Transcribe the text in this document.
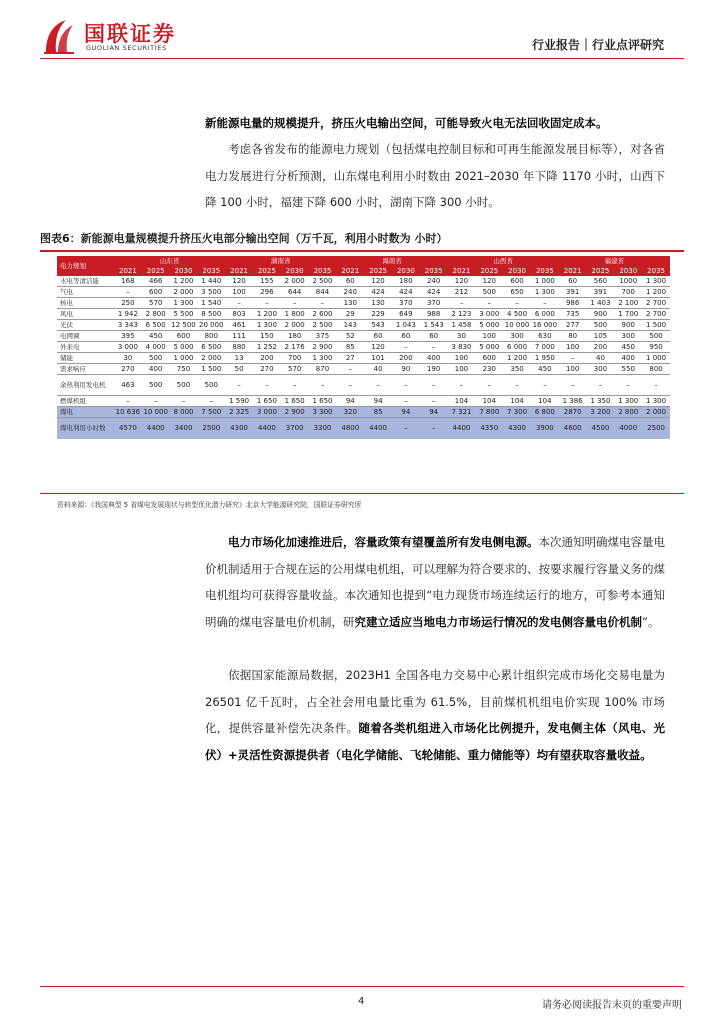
国联证券
GUOLIAN SECURITIES	行业报告｜行业点评研究
新能源电量的规模提升，挤压火电输出空间，可能导致火电无法回收固定成本。
考虑各省发布的能源电力规划（包括煤电控制目标和可再生能源发展目标等），对各省电力发展进行分析预测，山东煤电利用小时数由 2021–2030 年下降 1170 小时，山西下降 100 小时，福建下降 600 小时，湖南下降 300 小时。
图表6：新能源电量规模提升挤压火电部分输出空间（万千瓦，利用小时数为 小时）
电力规划	山东省				湖南省				海南省				山西省				福建省			
	2021	2025	2030	2035	2021	2025	2030	2035	2021	2025	2030	2035	2021	2025	2030	2035	2021	2025	2030	2035
水电等清洁能	168	466	1 200	1 440	120	155	2 000	2 500	60	120	180	240	120	120	600	1 000	60	560	1000	1 300
气电	–	600	2 000	3 500	100	296	644	844	240	424	424	424	212	500	650	1 300	391	391	700	1 200
核电	250	570	1 300	1 540	–	–	–	–	130	130	370	370	–	–	–	–	986	1 403	2 100	2 700
风电	1 942	2 800	5 500	8 500	803	1 200	1 800	2 600	29	229	649	988	2 123	3 000	4 500	6 000	735	900	1 700	2 700
光伏	3 343	6 500	12 500	20 000	461	1 300	2 000	2 500	143	543	1 043	1 543	1 458	5 000	10 000	16 000	277	500	900	1 500
电网调	395	450	600	800	111	150	180	375	52	60	60	60	30	100	300	630	80	105	300	500
外来电	3 000	4 000	5 000	6 500	880	1 252	2 176	2 900	85	120	–	–	3 830	5 000	6 000	7 000	100	200	450	950
储能	30	500	1 000	2 000	13	200	700	1 300	27	101	200	400	100	600	1 200	1 950	–	40	400	1 000
需求响应	270	400	750	1 500	50	270	570	870	–	40	90	190	100	230	350	450	100	300	550	800
余热利用发电机	463	500	500	500	–	–	–	–	–	–	–	–	–	–	–	–	–	–	–	–
燃煤机组	–	–	–	–	1 590	1 650	1 650	1 650	94	94	–	–	104	104	104	104	1 386	1 350	1 300	1 300
煤电	10 636	10 000	8 000	7 500	2 325	3 000	2 900	3 300	320	85	94	94	7 321	7 800	7 300	6 800	2870	3 200	2 800	2 000
煤电利用小时数	4570	4400	3400	2500	4300	4400	3700	3300	4800	4400	–	–	4400	4350	4300	3900	4600	4500	4000	2500
资料来源：《我国典型 5 省煤电发展现状与转型优化潜力研究》北京大学能源研究院，国联证券研究所
电力市场化加速推进后，容量政策有望覆盖所有发电侧电源。本次通知明确煤电容量电价机制适用于合规在运的公用煤电机组，可以理解为符合要求的、按要求履行容量义务的煤电机组均可获得容量收益。本次通知也提到“电力现货市场连续运行的地方，可参考本通知明确的煤电容量电价机制，研究建立适应当地电力市场运行情况的发电侧容量电价机制”。
依据国家能源局数据，2023H1 全国各电力交易中心累计组织完成市场化交易电量为 26501 亿千瓦时，占全社会用电量比重为 61.5%，目前煤机机组电价实现 100% 市场化，提供容量补偿先决条件。随着各类机组进入市场化比例提升，发电侧主体（风电、光伏）+灵活性资源提供者（电化学储能、飞轮储能、重力储能等）均有望获取容量收益。
4	请务必阅读报告末页的重要声明
